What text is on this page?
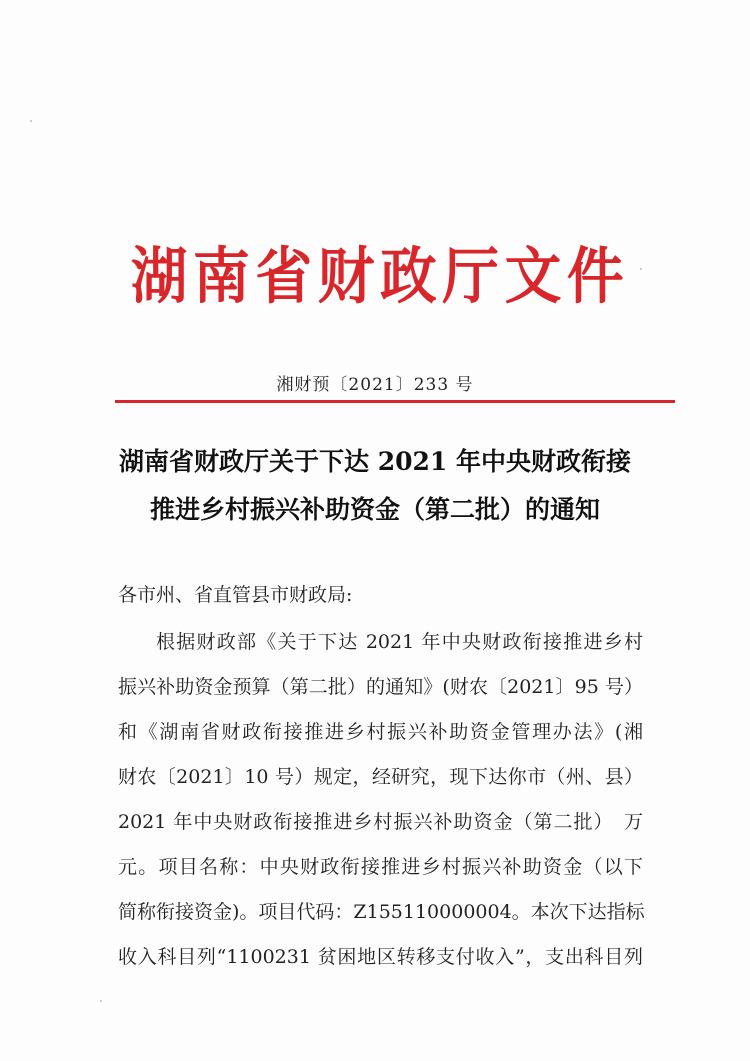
湖南省财政厅文件
湘财预〔2021〕233 号
湖南省财政厅关于下达 2021 年中央财政衔接
推进乡村振兴补助资金（第二批）的通知
各市州、省直管县市财政局:
根据财政部《关于下达 2021 年中央财政衔接推进乡村
振兴补助资金预算（第二批）的通知》(财农〔2021〕95 号）
和《湖南省财政衔接推进乡村振兴补助资金管理办法》(湘
财农〔2021〕10 号）规定，经研究，现下达你市（州、县）
2021 年中央财政衔接推进乡村振兴补助资金（第二批）　万
元。项目名称：中央财政衔接推进乡村振兴补助资金（以下
简称衔接资金)。项目代码：Z155110000004。本次下达指标
收入科目列“1100231 贫困地区转移支付收入”，支出科目列
